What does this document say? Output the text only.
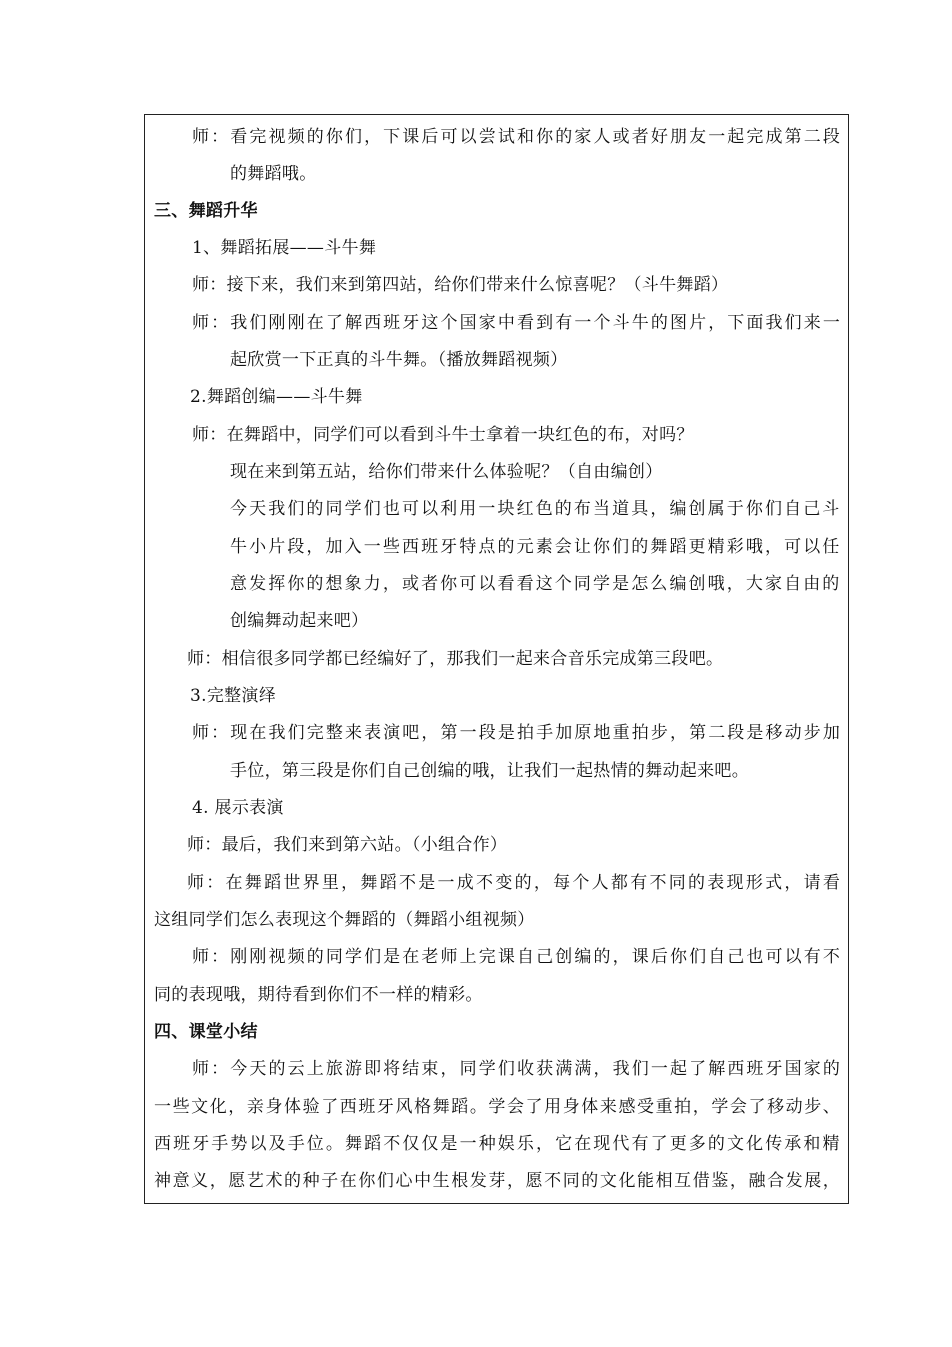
师：看完视频的你们，下课后可以尝试和你的家人或者好朋友一起完成第二段
的舞蹈哦。
三、舞蹈升华
1、舞蹈拓展——斗牛舞
师：接下来，我们来到第四站，给你们带来什么惊喜呢？（斗牛舞蹈）
师：我们刚刚在了解西班牙这个国家中看到有一个斗牛的图片，下面我们来一
起欣赏一下正真的斗牛舞。（播放舞蹈视频）
2.舞蹈创编——斗牛舞
师：在舞蹈中，同学们可以看到斗牛士拿着一块红色的布，对吗？
现在来到第五站，给你们带来什么体验呢？（自由编创）
今天我们的同学们也可以利用一块红色的布当道具，编创属于你们自己斗
牛小片段，加入一些西班牙特点的元素会让你们的舞蹈更精彩哦，可以任
意发挥你的想象力，或者你可以看看这个同学是怎么编创哦，大家自由的
创编舞动起来吧）
师：相信很多同学都已经编好了，那我们一起来合音乐完成第三段吧。
3.完整演绎
师：现在我们完整来表演吧，第一段是拍手加原地重拍步，第二段是移动步加
手位，第三段是你们自己创编的哦，让我们一起热情的舞动起来吧。
4. 展示表演
师：最后，我们来到第六站。（小组合作）
师：在舞蹈世界里，舞蹈不是一成不变的，每个人都有不同的表现形式，请看
这组同学们怎么表现这个舞蹈的（舞蹈小组视频）
师：刚刚视频的同学们是在老师上完课自己创编的，课后你们自己也可以有不
同的表现哦，期待看到你们不一样的精彩。
四、课堂小结
师：今天的云上旅游即将结束，同学们收获满满，我们一起了解西班牙国家的
一些文化，亲身体验了西班牙风格舞蹈。学会了用身体来感受重拍，学会了移动步、
西班牙手势以及手位。舞蹈不仅仅是一种娱乐，它在现代有了更多的文化传承和精
神意义，愿艺术的种子在你们心中生根发芽，愿不同的文化能相互借鉴，融合发展，
